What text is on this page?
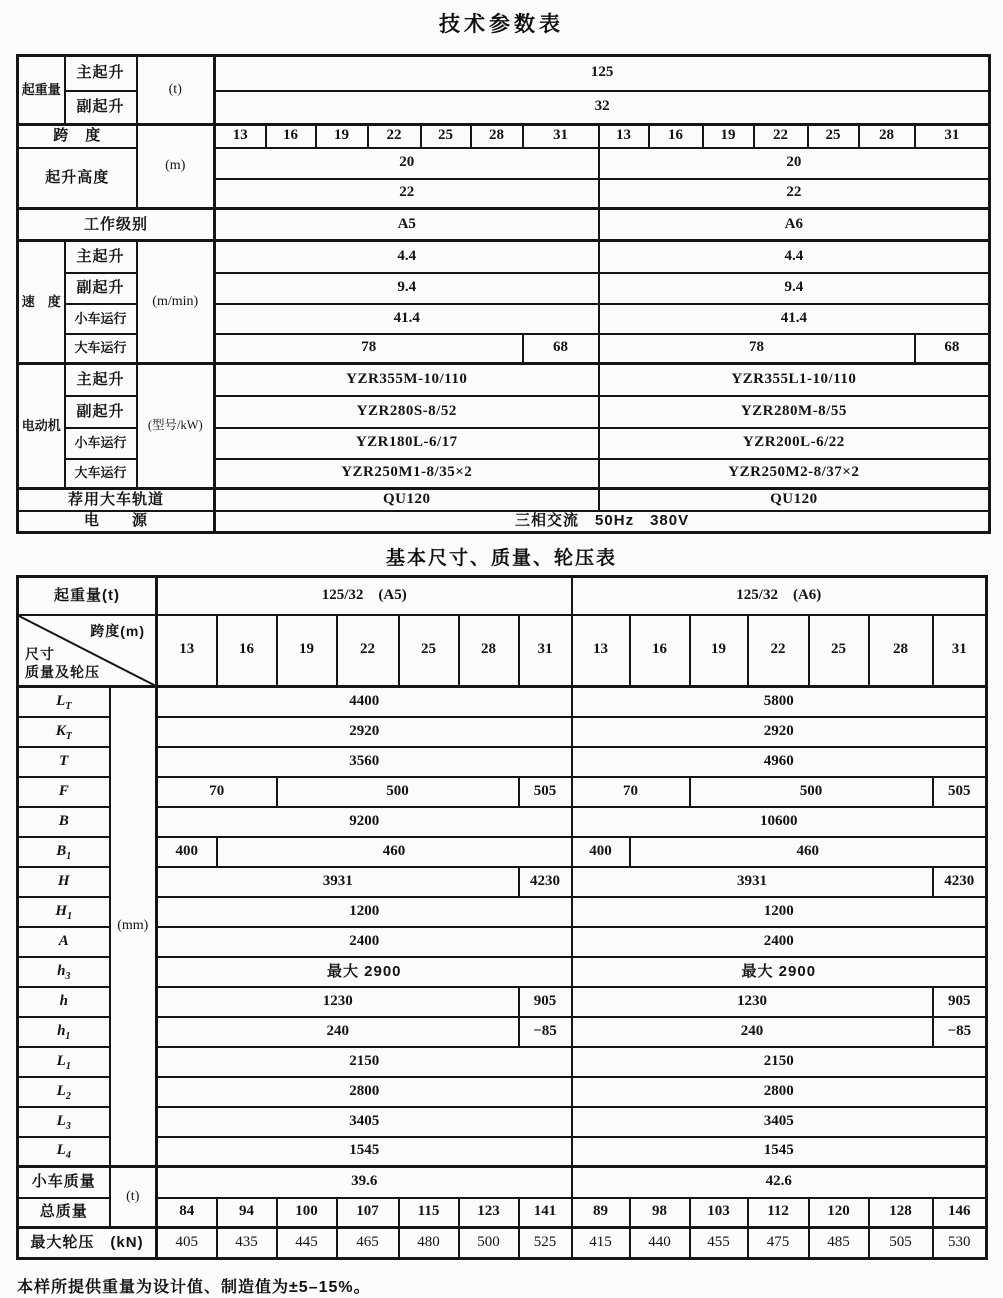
技术参数表
起重量	主起升	(t)	125													
	副起升		32													
跨　度		(m)	13	16	19	22	25	28	31	13	16	19	22	25	28	31
起升高度			20							20						
			22							22						
工作级别			A5							A6						
速　度	主起升	(m/min)	4.4							4.4						
	副起升		9.4							9.4						
	小车运行		41.4							41.4						
	大车运行		78						68	78						68
电动机	主起升	(型号/kW)	YZR355M-10/110							YZR355L1-10/110						
	副起升		YZR280S-8/52							YZR280M-8/55						
	小车运行		YZR180L-6/17							YZR200L-6/22						
	大车运行		YZR250M1-8/35×2							YZR250M2-8/37×2						
荐用大车轨道			QU120							QU120						
电　　源			三相交流　50Hz　380V													
基本尺寸、质量、轮压表
起重量(t)		125/32　(A5)							125/32　(A6)						

跨度(m)
尺寸
质量及轮压		13	16	19	22	25	28	31	13	16	19	22	25	28	31
$L_T$	(mm)	4400							5800						
$K_T$		2920							2920						
T		3560							4960						
F		70		500				505	70		500				505
B		9200							10600						
$B_1$		400	460						400	460					
H		3931						4230	3931						4230
$H_1$		1200							1200						
A		2400							2400						
$h_3$		最大 2900							最大 2900						
h		1230						905	1230						905
$h_1$		240						−85	240						−85
$L_1$		2150							2150						
$L_2$		2800							2800						
$L_3$		3405							3405						
$L_4$		1545							1545						
小车质量	(t)	39.6							42.6						
总质量		84	94	100	107	115	123	141	89	98	103	112	120	128	146
最大轮压　(kN)		405	435	445	465	480	500	525	415	440	455	475	485	505	530
本样所提供重量为设计值、制造值为±5–15%。
